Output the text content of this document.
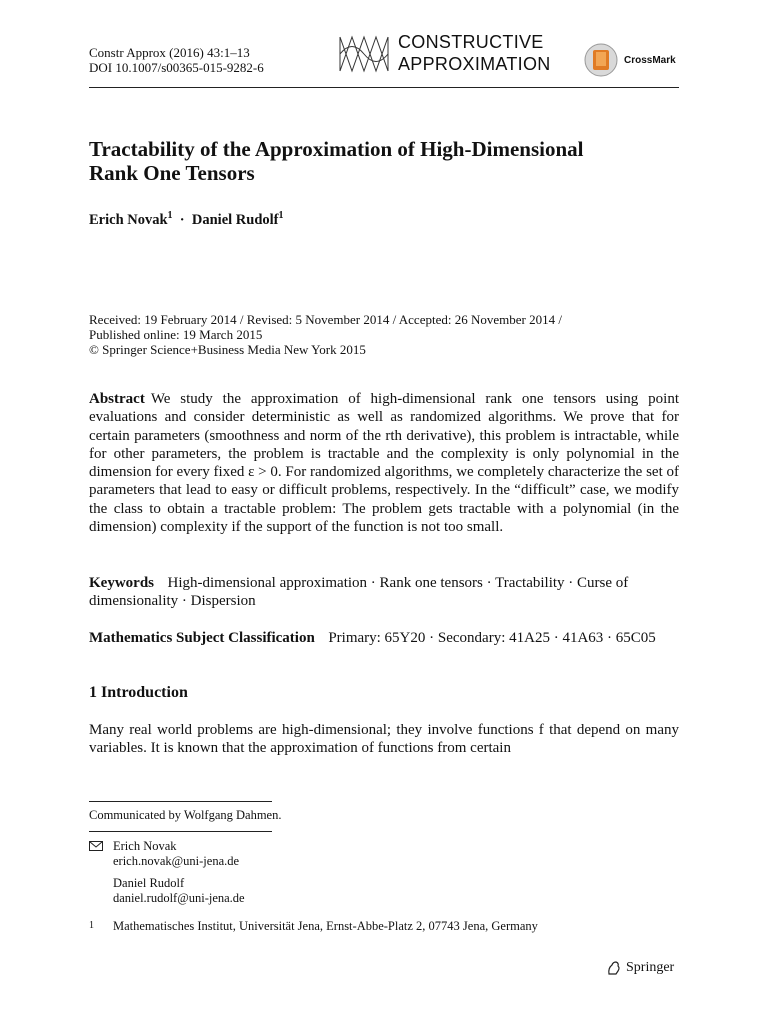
Constr Approx (2016) 43:1–13
DOI 10.1007/s00365-015-9282-6
CONSTRUCTIVE
APPROXIMATION	CrossMark
Tractability of the Approximation of High-Dimensional
Rank One Tensors
Erich Novak$^1$ · Daniel Rudolf$^1$
Received: 19 February 2014 / Revised: 5 November 2014 / Accepted: 26 November 2014 /
Published online: 19 March 2015
© Springer Science+Business Media New York 2015
Abstract We study the approximation of high-dimensional rank one tensors using point evaluations and consider deterministic as well as randomized algorithms. We prove that for certain parameters (smoothness and norm of the rth derivative), this problem is intractable, while for other parameters, the problem is tractable and the complexity is only polynomial in the dimension for every fixed ε > 0. For randomized algorithms, we completely characterize the set of parameters that lead to easy or difficult problems, respectively. In the “difficult” case, we modify the class to obtain a tractable problem: The problem gets tractable with a polynomial (in the dimension) complexity if the support of the function is not too small.
Keywords High-dimensional approximation · Rank one tensors · Tractability · Curse of dimensionality · Dispersion
Mathematics Subject Classification Primary: 65Y20 · Secondary: 41A25 · 41A63 · 65C05
1 Introduction
Many real world problems are high-dimensional; they involve functions f that depend on many variables. It is known that the approximation of functions from certain
Communicated by Wolfgang Dahmen.
Erich Novak
erich.novak@uni-jena.de
Daniel Rudolf
daniel.rudolf@uni-jena.de
1 Mathematisches Institut, Universität Jena, Ernst-Abbe-Platz 2, 07743 Jena, Germany
Springer
